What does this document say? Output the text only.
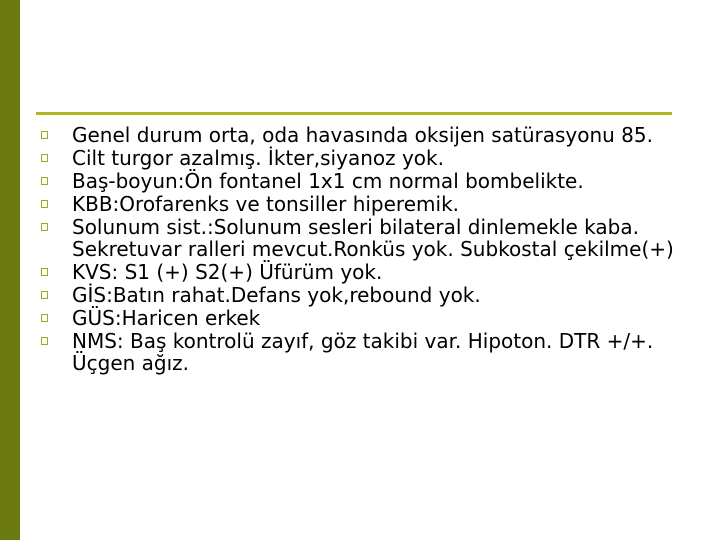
Genel durum orta, oda havasında oksijen satürasyonu 85.
Cilt turgor azalmış. İkter,siyanoz yok.
Baş-boyun:Ön fontanel 1x1 cm normal bombelikte.
KBB:Orofarenks ve tonsiller hiperemik.
Solunum sist.:Solunum sesleri bilateral dinlemekle kaba. Sekretuvar ralleri mevcut.Ronküs yok. Subkostal çekilme(+)
KVS: S1 (+) S2(+) Üfürüm yok.
GİS:Batın rahat.Defans yok,rebound yok.
GÜS:Haricen erkek
NMS: Baş kontrolü zayıf, göz takibi var. Hipoton. DTR +/+. Üçgen ağız.
